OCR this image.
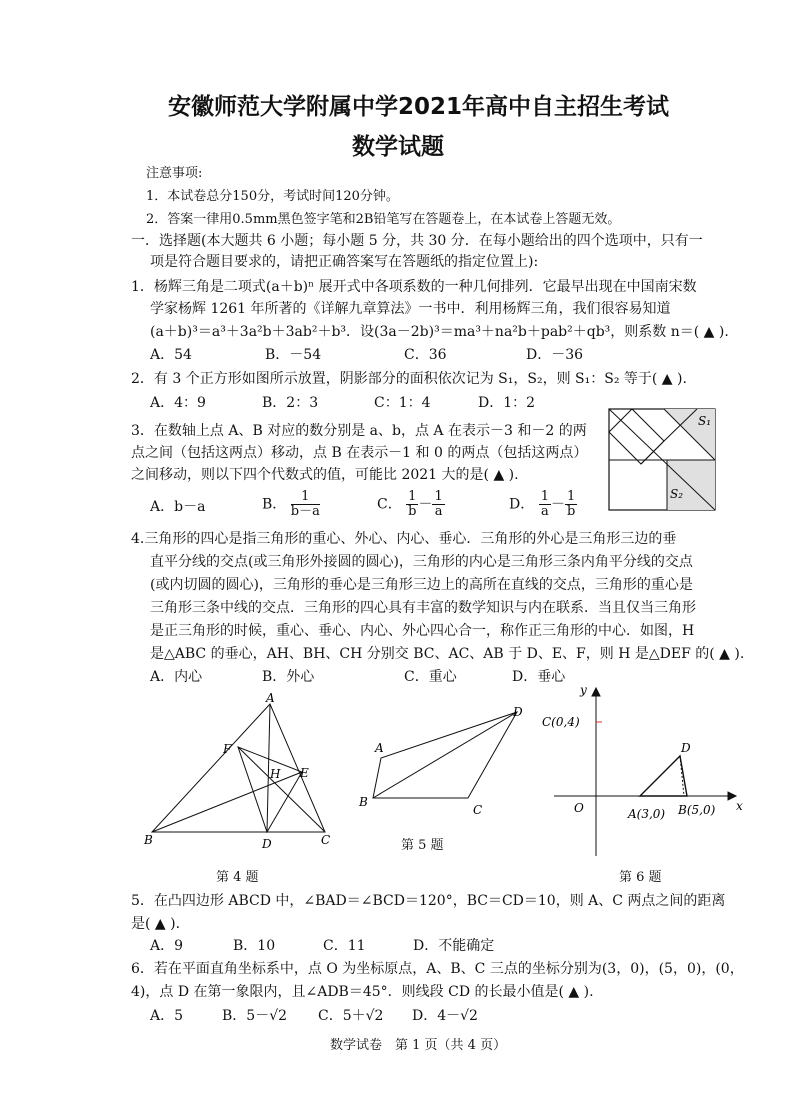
安徽师范大学附属中学2021年高中自主招生考试
数学试题
注意事项:
1．本试卷总分150分，考试时间120分钟。
2．答案一律用0.5mm黑色签字笔和2B铅笔写在答题卷上，在本试卷上答题无效。
一．选择题(本大题共 6 小题；每小题 5 分，共 30 分．在每小题给出的四个选项中，只有一
项是符合题目要求的，请把正确答案写在答题纸的指定位置上):
1．杨辉三角是二项式(a＋b)ⁿ 展开式中各项系数的一种几何排列．它最早出现在中国南宋数
学家杨辉 1261 年所著的《详解九章算法》一书中．利用杨辉三角，我们很容易知道
(a＋b)³＝a³＋3a²b＋3ab²＋b³．设(3a－2b)³＝ma³＋na²b＋pab²＋qb³，则系数 n＝( ▲ ).
A．54	B．－54	C．36	D．－36
2．有 3 个正方形如图所示放置，阴影部分的面积依次记为 S₁，S₂，则 S₁：S₂ 等于( ▲ ).
A．4：9	B．2：3	C：1：4	D．1：2
S₁
S₂
3．在数轴上点 A、B 对应的数分别是 a、b，点 A 在表示－3 和－2 的两
点之间（包括这两点）移动，点 B 在表示－1 和 0 的两点（包括这两点）
之间移动，则以下四个代数式的值，可能比 2021 大的是( ▲ ).
A．b－a	B． $\frac{1}{b-a}$	C． $\frac{1}{b} - \frac{1}{a}$	D． $\frac{1}{a} - \frac{1}{b}$
4.三角形的四心是指三角形的重心、外心、内心、垂心．三角形的外心是三角形三边的垂
直平分线的交点(或三角形外接圆的圆心)，三角形的内心是三角形三条内角平分线的交点
(或内切圆的圆心)，三角形的垂心是三角形三边上的高所在直线的交点，三角形的重心是
三角形三条中线的交点．三角形的四心具有丰富的数学知识与内在联系．当且仅当三角形
是正三角形的时候，重心、垂心、内心、外心四心合一，称作正三角形的中心．如图，H
是△ABC 的垂心，AH、BH、CH 分别交 BC、AC、AB 于 D、E、F，则 H 是△DEF 的( ▲ ).
A．内心	B．外心	C．重心	D．垂心
A
B	C
D
E
F
H
第 4 题
A
B
C
D
第 5 题
y
x
O
C(0,4)
D
A(3,0) B(5,0)
第 6 题
5．在凸四边形 ABCD 中，∠BAD＝∠BCD＝120°，BC＝CD＝10，则 A、C 两点之间的距离
是( ▲ ).
A．9	B．10	C．11	D．不能确定
6．若在平面直角坐标系中，点 O 为坐标原点，A、B、C 三点的坐标分别为(3，0)，(5，0)，(0，
4)，点 D 在第一象限内，且∠ADB＝45°．则线段 CD 的长最小值是( ▲ ).
A．5	B．5－√2 C．5＋√2 D．4－√2
数学试卷　第 1 页（共 4 页）
